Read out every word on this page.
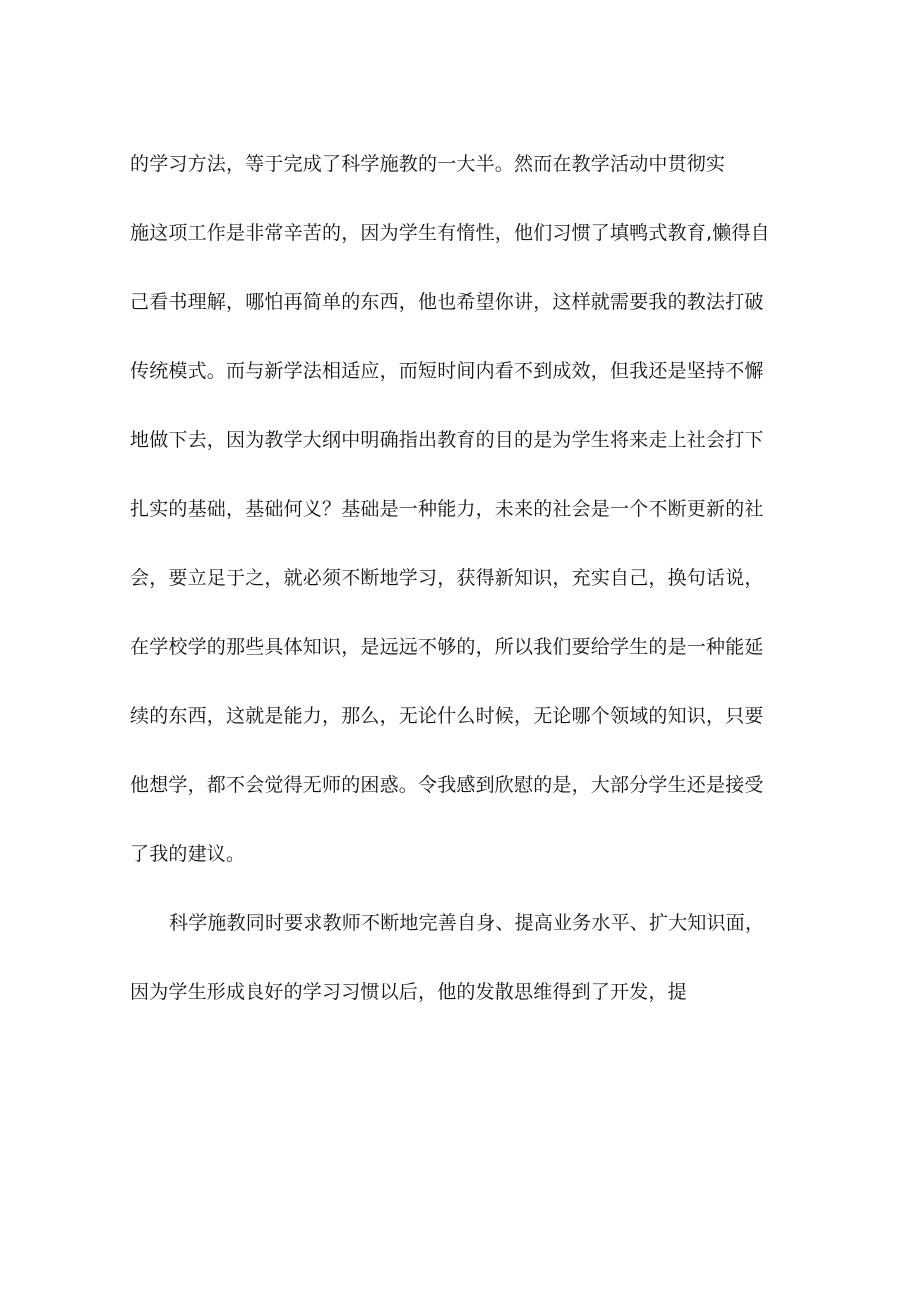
的学习方法，等于完成了科学施教的一大半。然而在教学活动中贯彻实
施这项工作是非常辛苦的，因为学生有惰性，他们习惯了填鸭式教育,懒得自
己看书理解，哪怕再简单的东西，他也希望你讲，这样就需要我的教法打破
传统模式。而与新学法相适应，而短时间内看不到成效，但我还是坚持不懈
地做下去，因为教学大纲中明确指出教育的目的是为学生将来走上社会打下
扎实的基础，基础何义？基础是一种能力，未来的社会是一个不断更新的社
会，要立足于之，就必须不断地学习，获得新知识，充实自己，换句话说，
在学校学的那些具体知识，是远远不够的，所以我们要给学生的是一种能延
续的东西，这就是能力，那么，无论什么时候，无论哪个领域的知识，只要
他想学，都不会觉得无师的困惑。令我感到欣慰的是，大部分学生还是接受
了我的建议。
科学施教同时要求教师不断地完善自身、提高业务水平、扩大知识面，
因为学生形成良好的学习习惯以后，他的发散思维得到了开发，提
